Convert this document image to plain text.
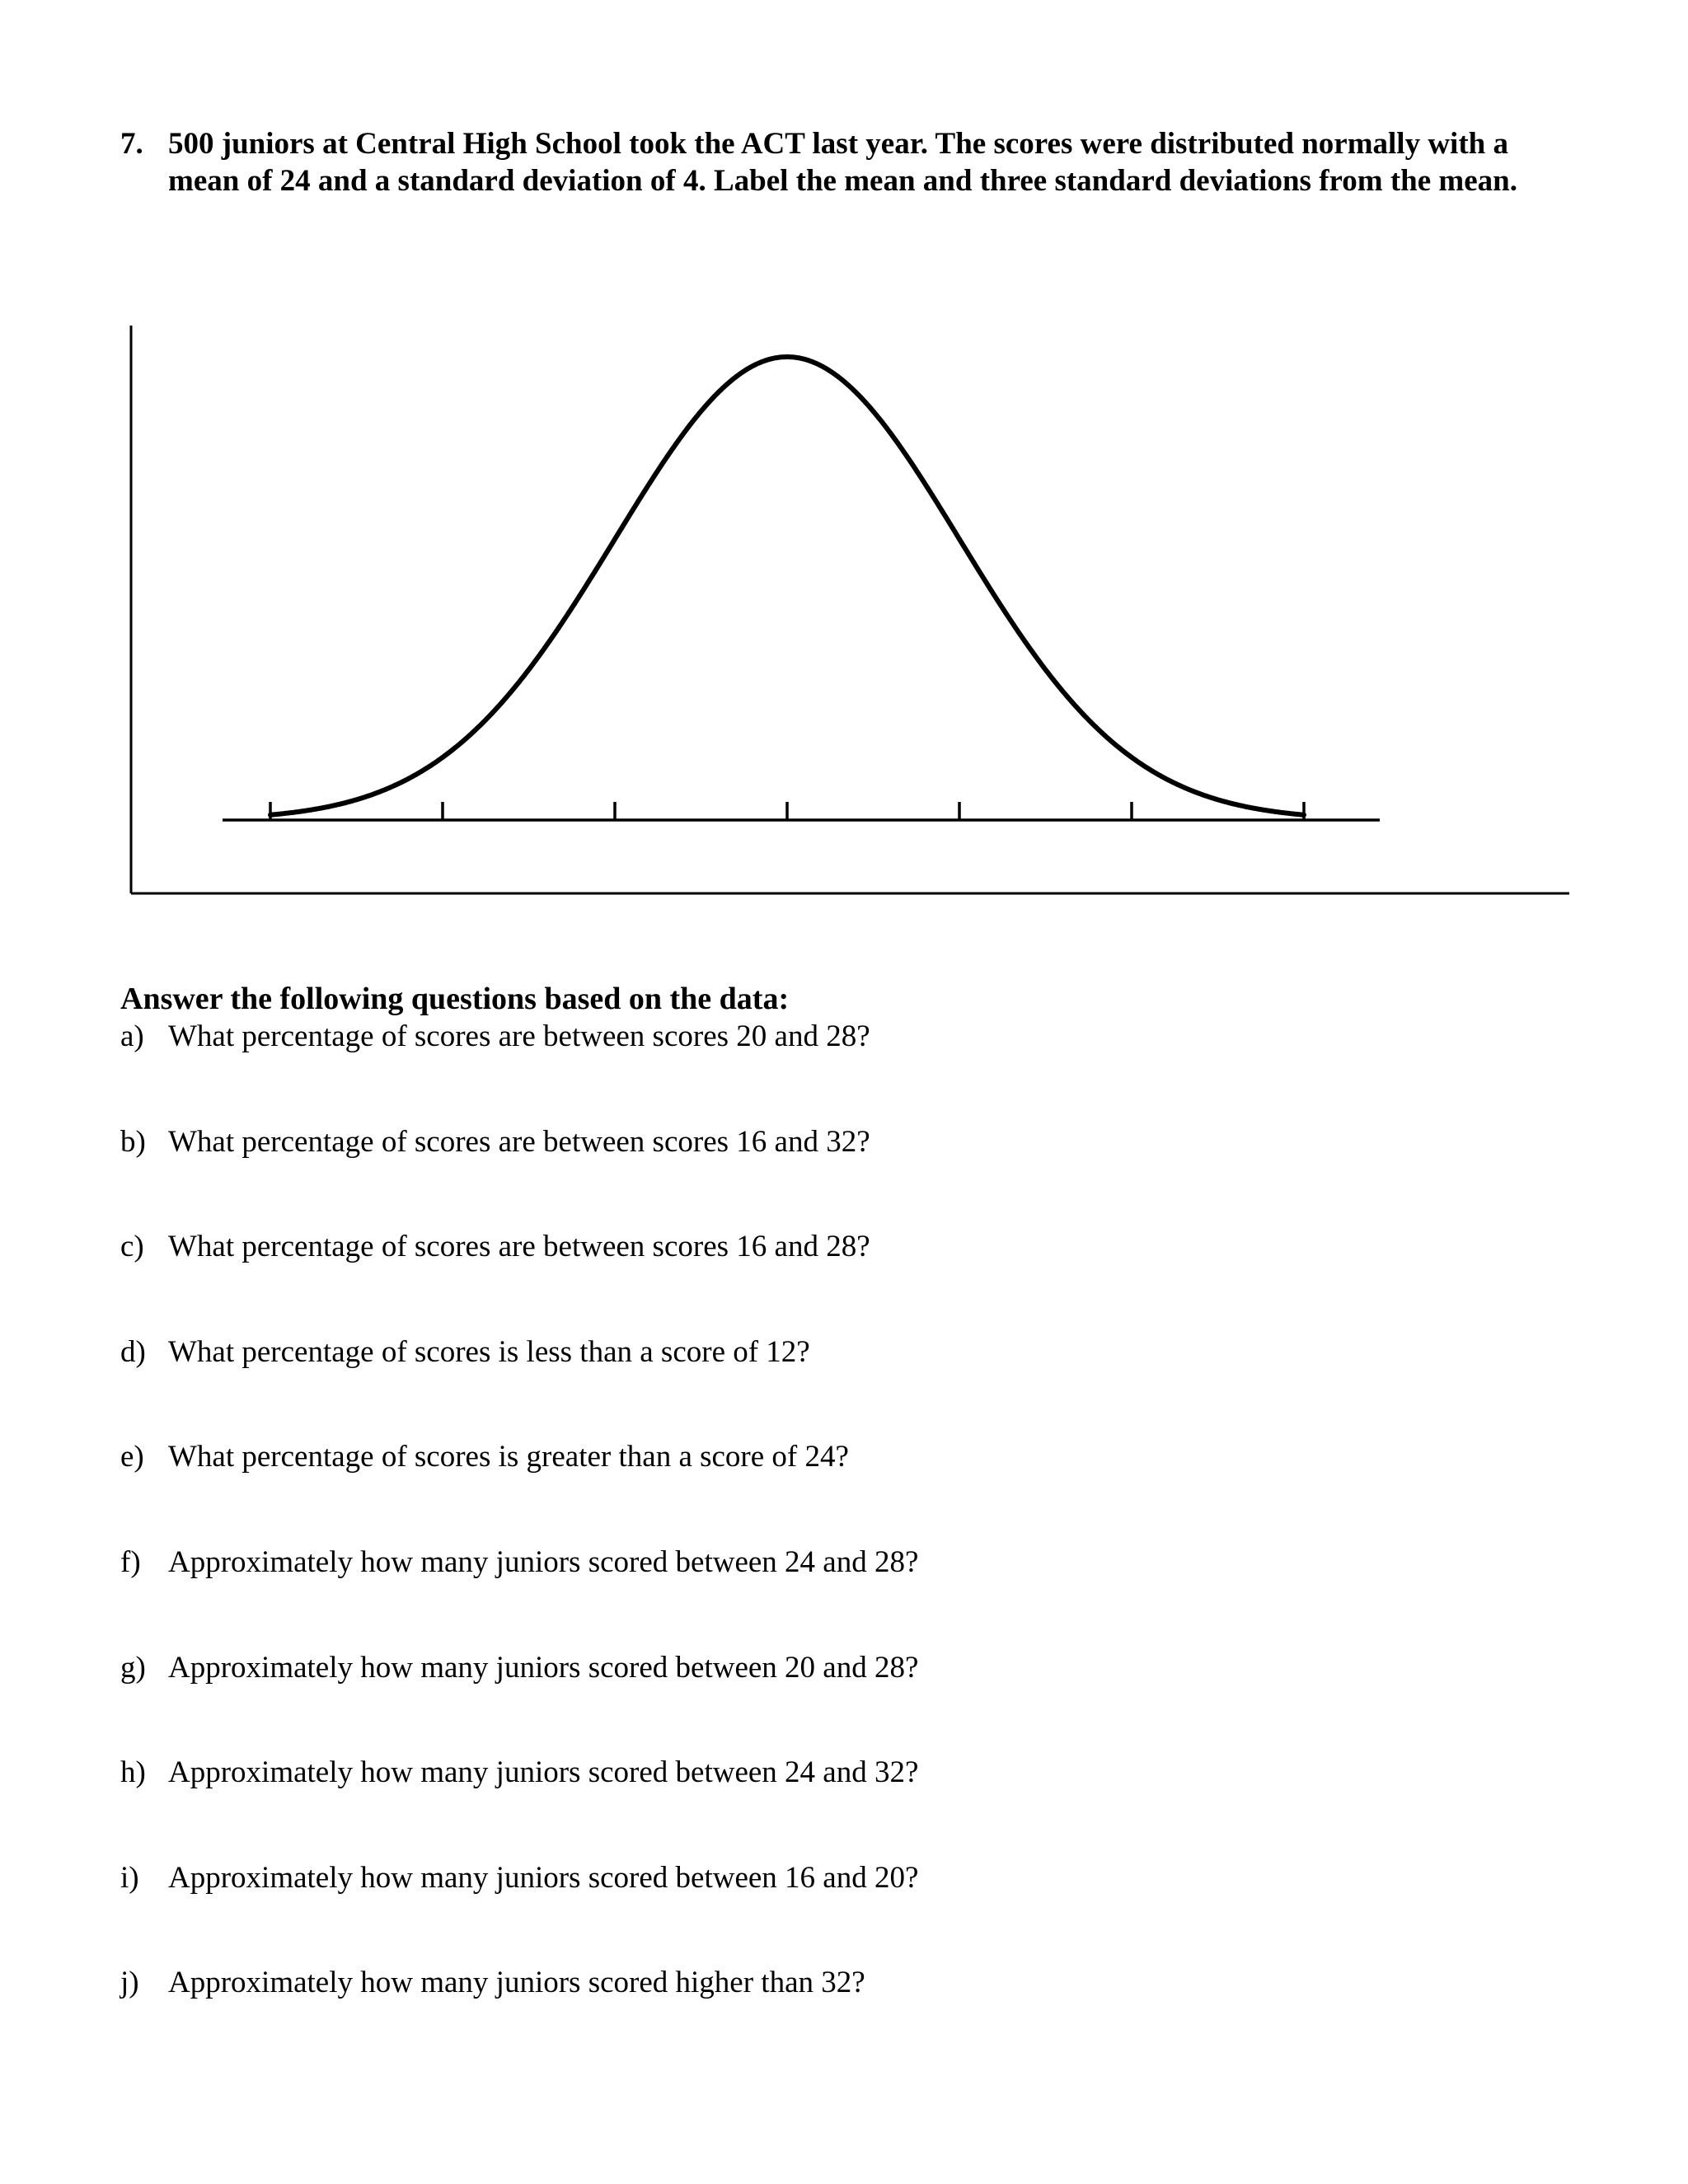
7. 500 juniors at Central High School took the ACT last year. The scores were distributed normally with a mean of 24 and a standard deviation of 4. Label the mean and three standard deviations from the mean.
Answer the following questions based on the data:
a) What percentage of scores are between scores 20 and 28?
b) What percentage of scores are between scores 16 and 32?
c) What percentage of scores are between scores 16 and 28?
d) What percentage of scores is less than a score of 12?
e) What percentage of scores is greater than a score of 24?
f) Approximately how many juniors scored between 24 and 28?
g) Approximately how many juniors scored between 20 and 28?
h) Approximately how many juniors scored between 24 and 32?
i) Approximately how many juniors scored between 16 and 20?
j) Approximately how many juniors scored higher than 32?
